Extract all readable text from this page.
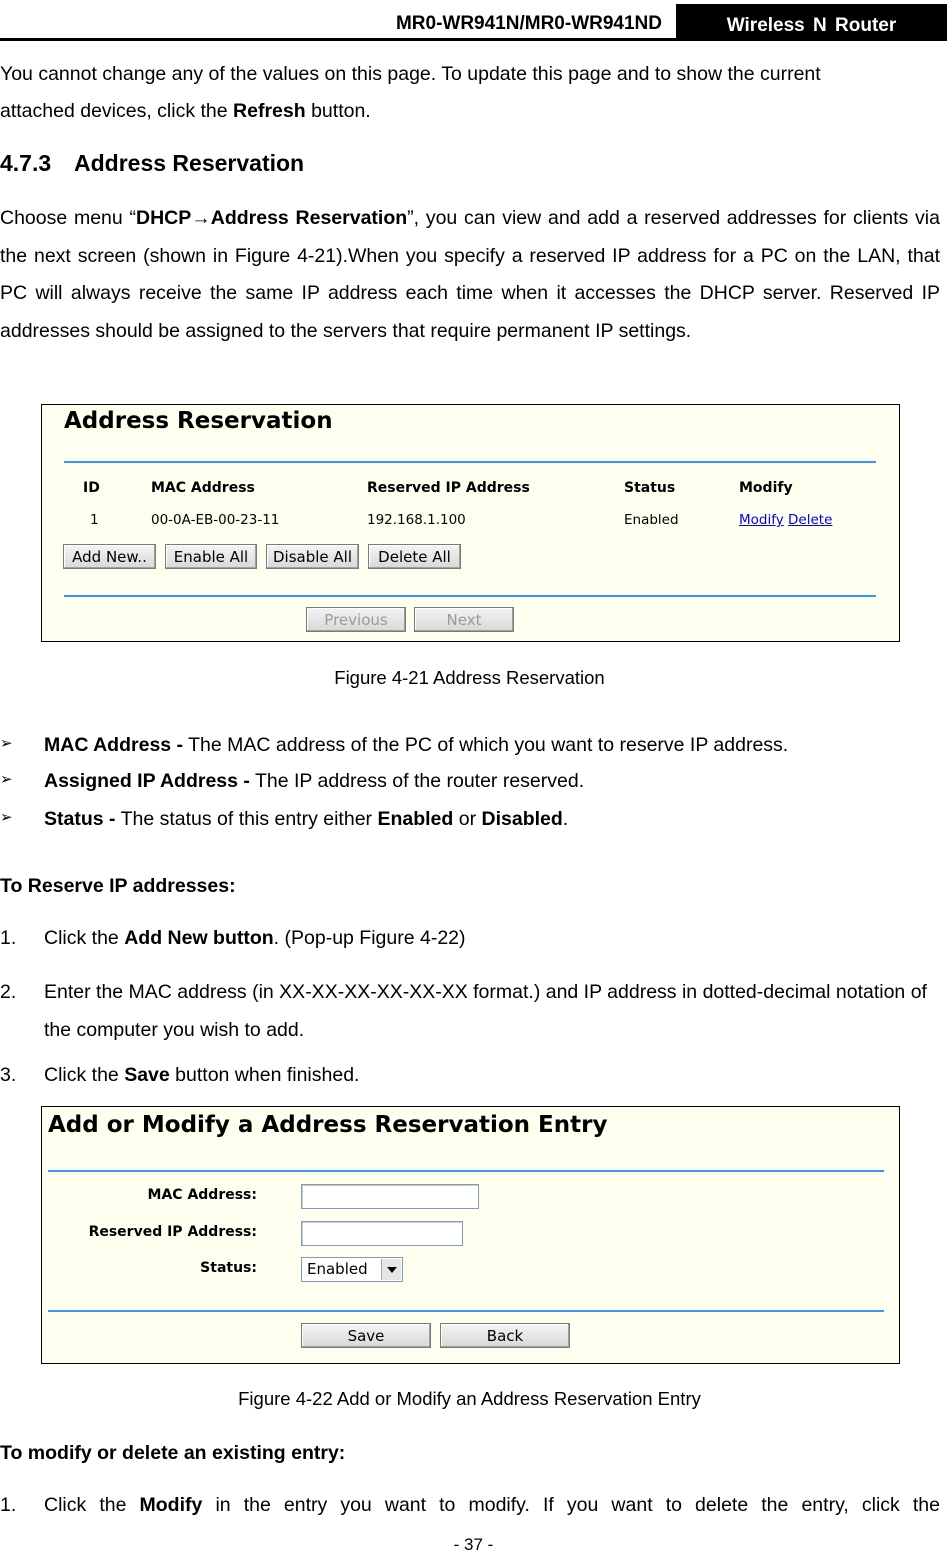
MR0-WR941N/MR0-WR941ND	Wireless N Router
You cannot change any of the values on this page. To update this page and to show the current
attached devices, click the Refresh button.
4.7.3 Address Reservation
Choose menu “DHCP→Address Reservation”, you can view and add a reserved addresses for clients via the next screen (shown in Figure 4-21).When you specify a reserved IP address for a PC on the LAN, that PC will always receive the same IP address each time when it accesses the DHCP server. Reserved IP addresses should be assigned to the servers that require permanent IP settings.
Address Reservation
ID	MAC Address	Reserved IP Address	Status	Modify
1	00-0A-EB-00-23-11	192.168.1.100	Enabled	Modify Delete
Add New..	Enable All	Disable All	Delete All
Previous	Next
Figure 4-21 Address Reservation
➢ MAC Address - The MAC address of the PC of which you want to reserve IP address.
➢ Assigned IP Address - The IP address of the router reserved.
➢ Status - The status of this entry either Enabled or Disabled.
To Reserve IP addresses:
1. Click the Add New button. (Pop-up Figure 4-22)
2. Enter the MAC address (in XX-XX-XX-XX-XX-XX format.) and IP address in dotted-decimal notation of the computer you wish to add.
3. Click the Save button when finished.
Add or Modify a Address Reservation Entry
MAC Address:
Reserved IP Address:
Status:	Enabled
Save	Back
Figure 4-22 Add or Modify an Address Reservation Entry
To modify or delete an existing entry:
1. Click the Modify in the entry you want to modify. If you want to delete the entry, click the
- 37 -
